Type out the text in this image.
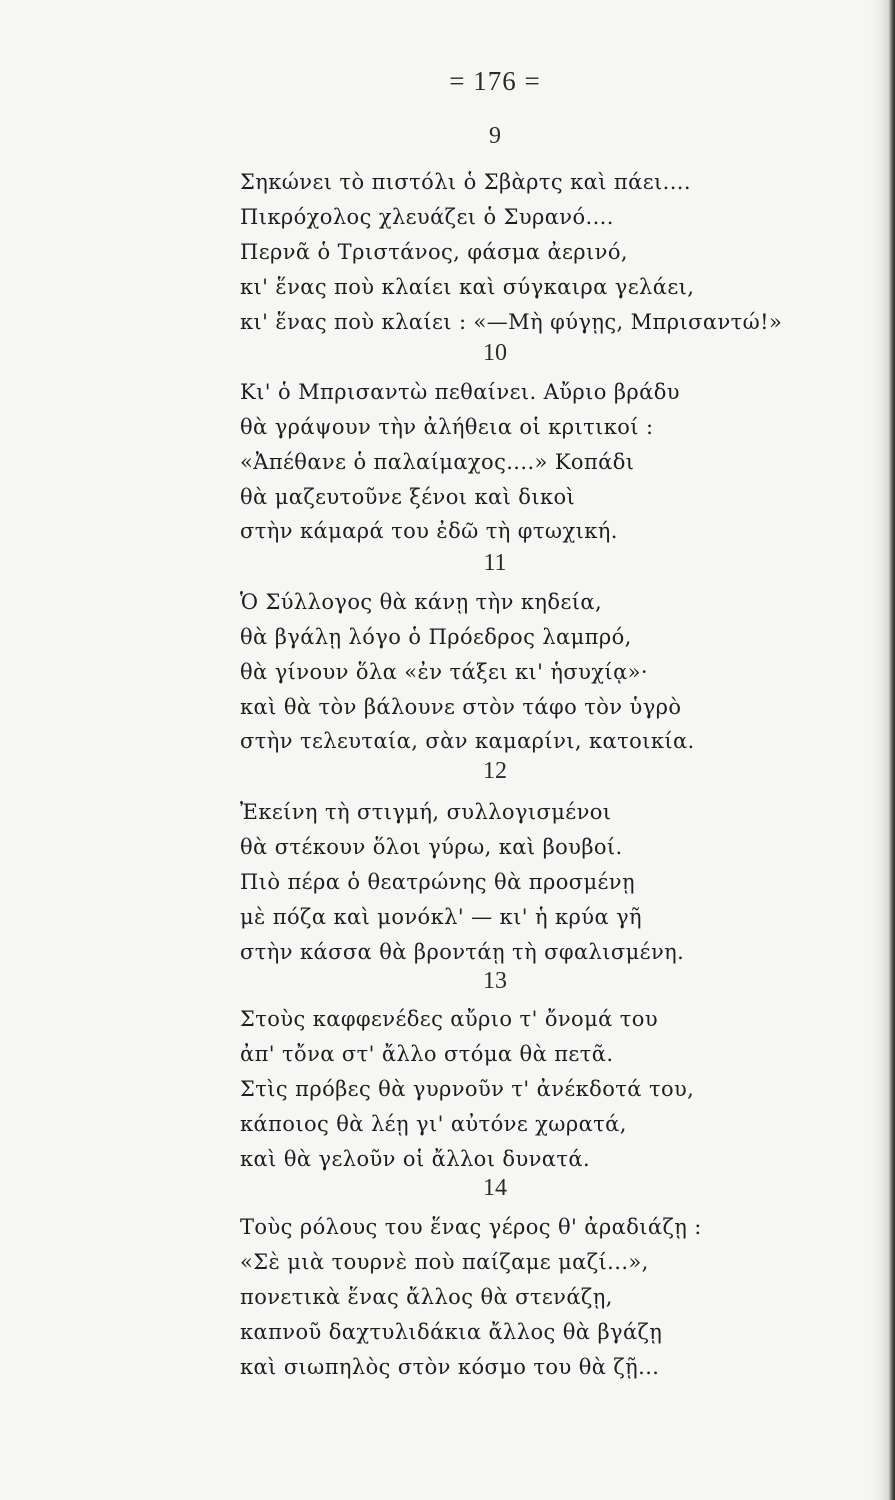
= 176 =
9
Σηκώνει τὸ πιστόλι ὁ Σβὰρτς καὶ πάει....
Πικρόχολος χλευάζει ὁ Συρανό....
Περνᾶ ὁ Τριστάνος, φάσμα ἀερινό,
κι' ἕνας ποὺ κλαίει καὶ σύγκαιρα γελάει,
κι' ἕνας ποὺ κλαίει : «—Μὴ φύγῃς, Μπρισαντώ!»
10
Κι' ὁ Μπρισαντὼ πεθαίνει. Αὔριο βράδυ
θὰ γράψουν τὴν ἀλήθεια οἱ κριτικοί :
«Ἀπέθανε ὁ παλαίμαχος....» Κοπάδι
θὰ μαζευτοῦνε ξένοι καὶ δικοὶ
στὴν κάμαρά του ἐδῶ τὴ φτωχική.
11
Ὁ Σύλλογος θὰ κάνῃ τὴν κηδεία,
θὰ βγάλῃ λόγο ὁ Πρόεδρος λαμπρό,
θὰ γίνουν ὅλα «ἐν τάξει κι' ἡσυχίᾳ»·
καὶ θὰ τὸν βάλουνε στὸν τάφο τὸν ὑγρὸ
στὴν τελευταία, σὰν καμαρίνι, κατοικία.
12
Ἐκείνη τὴ στιγμή, συλλογισμένοι
θὰ στέκουν ὅλοι γύρω, καὶ βουβοί.
Πιὸ πέρα ὁ θεατρώνης θὰ προσμένῃ
μὲ πόζα καὶ μονόκλ' — κι' ἡ κρύα γῆ
στὴν κάσσα θὰ βροντάῃ τὴ σφαλισμένη.
13
Στοὺς καφφενέδες αὔριο τ' ὄνομά του
ἀπ' τὄνα στ' ἄλλο στόμα θὰ πετᾶ.
Στὶς πρόβες θὰ γυρνοῦν τ' ἀνέκδοτά του,
κάποιος θὰ λέῃ γι' αὐτόνε χωρατά,
καὶ θὰ γελοῦν οἱ ἄλλοι δυνατά.
14
Τοὺς ρόλους του ἕνας γέρος θ' ἀραδιάζῃ :
«Σὲ μιὰ τουρνὲ ποὺ παίζαμε μαζί...»,
πονετικὰ ἕνας ἄλλος θὰ στενάζῃ,
καπνοῦ δαχτυλιδάκια ἄλλος θὰ βγάζῃ
καὶ σιωπηλὸς στὸν κόσμο του θὰ ζῇ...
